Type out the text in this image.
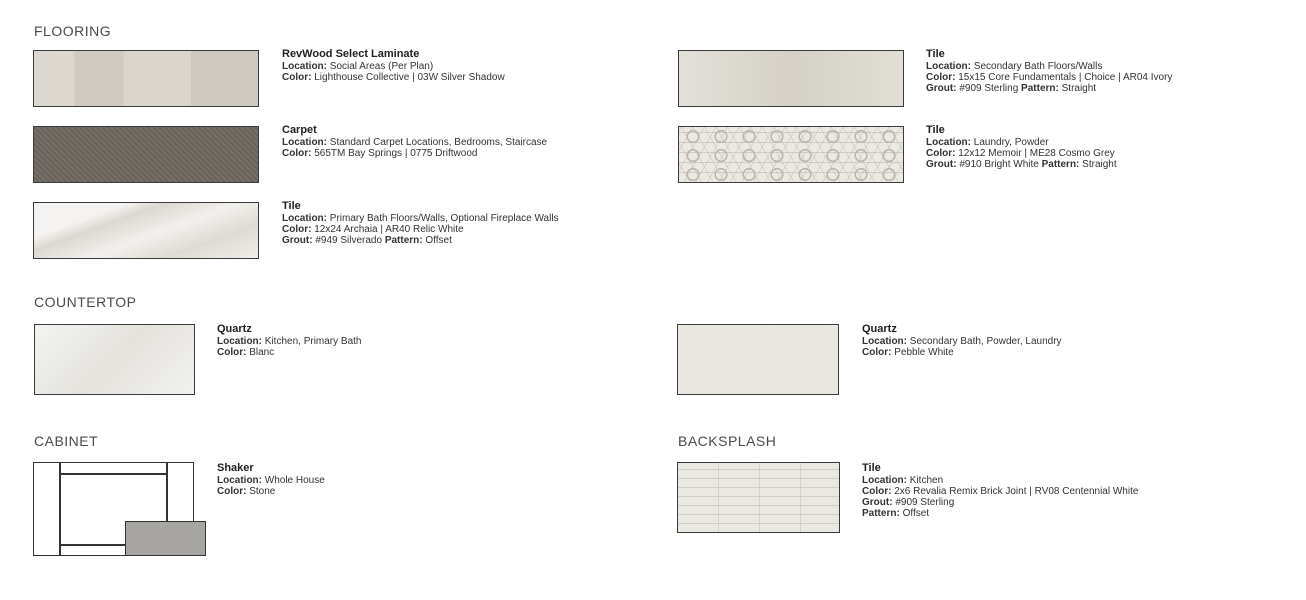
FLOORING
RevWood Select Laminate
Location: Social Areas (Per Plan)
Color: Lighthouse Collective | 03W Silver Shadow
Carpet
Location: Standard Carpet Locations, Bedrooms, Staircase
Color: 565TM Bay Springs | 0775 Driftwood
Tile
Location: Primary Bath Floors/Walls, Optional Fireplace Walls
Color: 12x24 Archaia | AR40 Relic White
Grout: #949 Silverado Pattern: Offset
Tile
Location: Secondary Bath Floors/Walls
Color: 15x15 Core Fundamentals | Choice | AR04 Ivory
Grout: #909 Sterling Pattern: Straight
Tile
Location: Laundry, Powder
Color: 12x12 Memoir | ME28 Cosmo Grey
Grout: #910 Bright White Pattern: Straight
COUNTERTOP
Quartz
Location: Kitchen, Primary Bath
Color: Blanc
Quartz
Location: Secondary Bath, Powder, Laundry
Color: Pebble White
CABINET
Shaker
Location: Whole House
Color: Stone
BACKSPLASH
Tile
Location: Kitchen
Color: 2x6 Revalia Remix Brick Joint | RV08 Centennial White
Grout: #909 Sterling
Pattern: Offset
